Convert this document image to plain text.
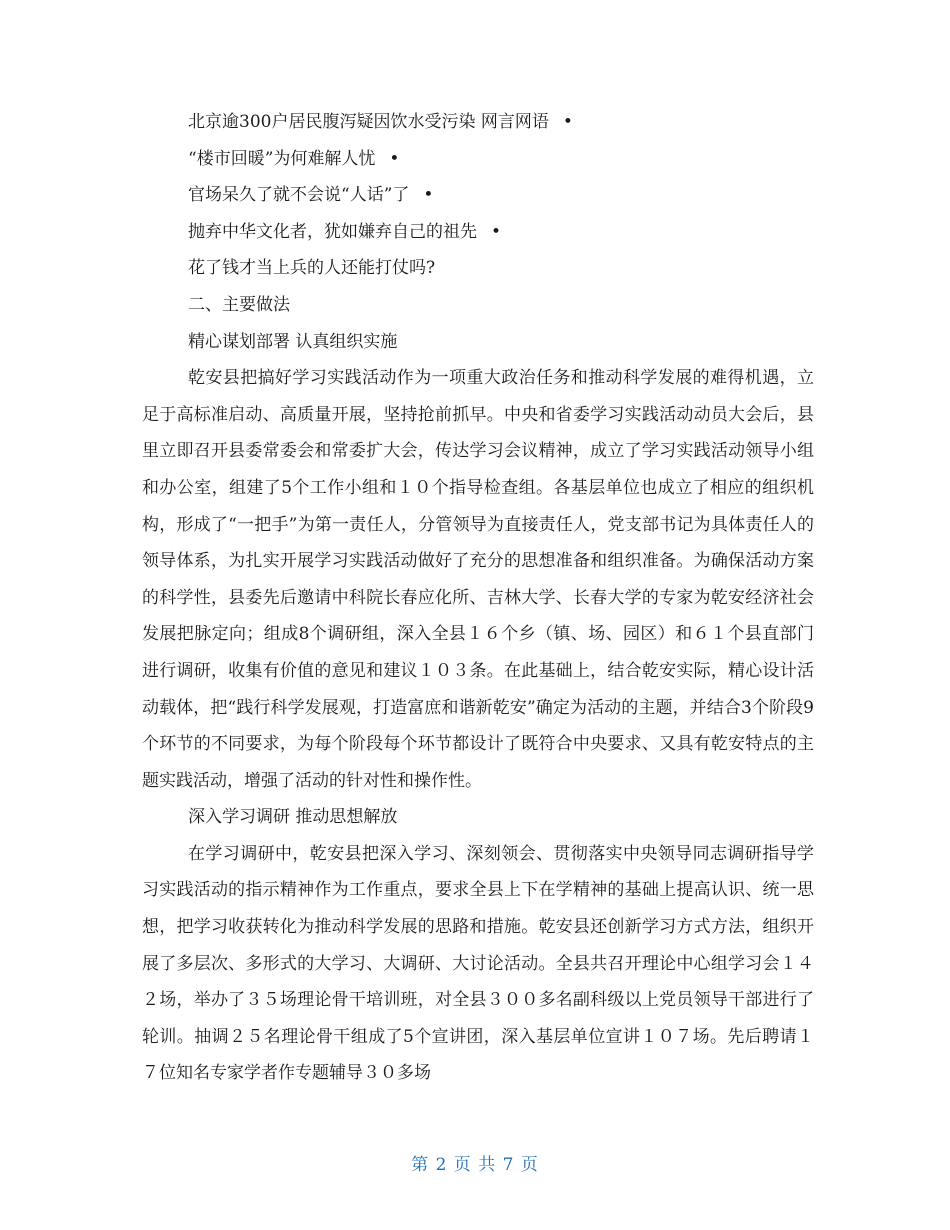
北京逾300户居民腹泻疑因饮水受污染 网言网语 •
“楼市回暖”为何难解人忧 •
官场呆久了就不会说“人话”了 •
抛弃中华文化者，犹如嫌弃自己的祖先 •
花了钱才当上兵的人还能打仗吗?
二、主要做法
精心谋划部署 认真组织实施

乾安县把搞好学习实践活动作为一项重大政治任务和推动科学发展的难得机遇，立足于高标准启动、高质量开展，坚持抢前抓早。中央和省委学习实践活动动员大会后，县里立即召开县委常委会和常委扩大会，传达学习会议精神，成立了学习实践活动领导小组和办公室，组建了5个工作小组和１０个指导检查组。各基层单位也成立了相应的组织机构，形成了“一把手”为第一责任人，分管领导为直接责任人，党支部书记为具体责任人的领导体系，为扎实开展学习实践活动做好了充分的思想准备和组织准备。为确保活动方案的科学性，县委先后邀请中科院长春应化所、吉林大学、长春大学的专家为乾安经济社会发展把脉定向；组成8个调研组，深入全县１６个乡（镇、场、园区）和６１个县直部门进行调研，收集有价值的意见和建议１０３条。在此基础上，结合乾安实际，精心设计活动载体，把“践行科学发展观，打造富庶和谐新乾安”确定为活动的主题，并结合3个阶段9个环节的不同要求，为每个阶段每个环节都设计了既符合中央要求、又具有乾安特点的主题实践活动，增强了活动的针对性和操作性。

深入学习调研 推动思想解放

在学习调研中，乾安县把深入学习、深刻领会、贯彻落实中央领导同志调研指导学习实践活动的指示精神作为工作重点，要求全县上下在学精神的基础上提高认识、统一思想，把学习收获转化为推动科学发展的思路和措施。乾安县还创新学习方式方法，组织开展了多层次、多形式的大学习、大调研、大讨论活动。全县共召开理论中心组学习会１４２场，举办了３５场理论骨干培训班，对全县３００多名副科级以上党员领导干部进行了轮训。抽调２５名理论骨干组成了5个宣讲团，深入基层单位宣讲１０７场。先后聘请１７位知名专家学者作专题辅导３０多场

第 2 页 共 7 页
